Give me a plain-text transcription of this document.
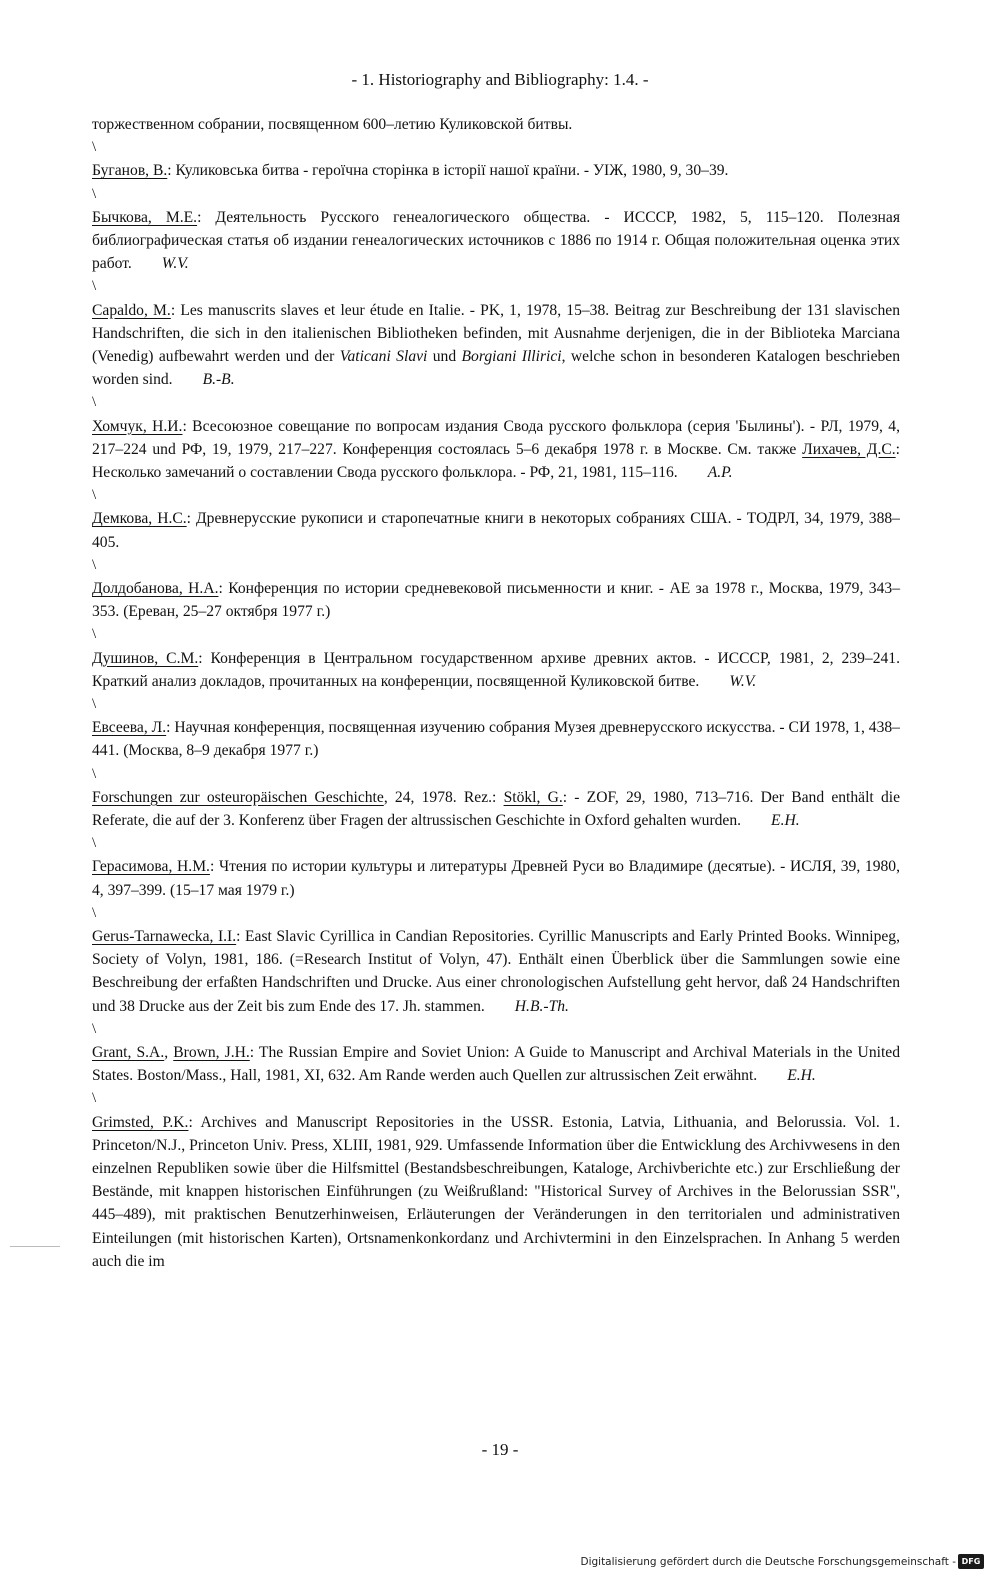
- 1. Historiography and Bibliography: 1.4. -
торжественном собрании, посвященном 600–летию Куликовской битвы.
\
Буганов, В.: Куликовська битва - героїчна сторінка в історії нашої країни. - УІЖ, 1980, 9, 30–39.
\
Бычкова, М.Е.: Деятельность Русского генеалогического общества. - ИССCP, 1982, 5, 115–120. Полезная библиографическая статья об издании генеалогических источников с 1886 по 1914 г. Общая положительная оценка этих работ. W.V.
\
Capaldo, M.: Les manuscrits slaves et leur étude en Italie. - PK, 1, 1978, 15–38. Beitrag zur Beschreibung der 131 slavischen Handschriften, die sich in den italienischen Bibliotheken befinden, mit Ausnahme derjenigen, die in der Biblioteka Marciana (Venedig) aufbewahrt werden und der Vaticani Slavi und Borgiani Illirici, welche schon in besonderen Katalogen beschrieben worden sind. B.-B.
\
Хомчук, Н.И.: Всесоюзное совещание по вопросам издания Свода русского фольклора (серия 'Былины'). - РЛ, 1979, 4, 217–224 und РФ, 19, 1979, 217–227. Конференция состоялась 5–6 декабря 1978 г. в Москве. См. также Лихачев, Д.С.: Несколько замечаний о составлении Свода русского фольклора. - РФ, 21, 1981, 115–116. A.P.
\
Демкова, Н.С.: Древнерусские рукописи и старопечатные книги в некоторых собраниях США. - ТОДРЛ, 34, 1979, 388–405.
\
Долдобанова, Н.А.: Конференция по истории средневековой письменности и книг. - АЕ за 1978 г., Москва, 1979, 343–353. (Ереван, 25–27 октября 1977 г.)
\
Душинов, С.М.: Конференция в Центральном государственном архиве древних актов. - ИССCP, 1981, 2, 239–241. Краткий анализ докладов, прочитанных на конференции, посвященной Куликовской битве. W.V.
\
Евсеева, Л.: Научная конференция, посвященная изучению собрания Музея древнерусского искусства. - СИ 1978, 1, 438–441. (Москва, 8–9 декабря 1977 г.)
\
Forschungen zur osteuropäischen Geschichte, 24, 1978. Rez.: Stökl, G.: - ZOF, 29, 1980, 713–716. Der Band enthält die Referate, die auf der 3. Konferenz über Fragen der altrussischen Geschichte in Oxford gehalten wurden. E.H.
\
Герасимова, Н.М.: Чтения по истории культуры и литературы Древней Руси во Владимире (десятые). - ИСЛЯ, 39, 1980, 4, 397–399. (15–17 мая 1979 г.)
\
Gerus-Tarnawecka, I.I.: East Slavic Cyrillica in Candian Repositories. Cyrillic Manuscripts and Early Printed Books. Winnipeg, Society of Volyn, 1981, 186. (=Research Institut of Volyn, 47). Enthält einen Überblick über die Sammlungen sowie eine Beschreibung der erfaßten Handschriften und Drucke. Aus einer chronologischen Aufstellung geht hervor, daß 24 Handschriften und 38 Drucke aus der Zeit bis zum Ende des 17. Jh. stammen. H.B.-Th.
\
Grant, S.A., Brown, J.H.: The Russian Empire and Soviet Union: A Guide to Manuscript and Archival Materials in the United States. Boston/Mass., Hall, 1981, XI, 632. Am Rande werden auch Quellen zur altrussischen Zeit erwähnt. E.H.
\
Grimsted, P.K.: Archives and Manuscript Repositories in the USSR. Estonia, Latvia, Lithuania, and Belorussia. Vol. 1. Princeton/N.J., Princeton Univ. Press, XLIII, 1981, 929. Umfassende Information über die Entwicklung des Archivwesens in den einzelnen Republiken sowie über die Hilfsmittel (Bestandsbeschreibungen, Kataloge, Archivberichte etc.) zur Erschließung der Bestände, mit knappen historischen Einführungen (zu Weißrußland: "Historical Survey of Archives in the Belorussian SSR", 445–489), mit praktischen Benutzerhinweisen, Erläuterungen der Veränderungen in den territorialen und administrativen Einteilungen (mit historischen Karten), Ortsnamenkonkordanz und Archivtermini in den Einzelsprachen. In Anhang 5 werden auch die im
- 19 -
Digitalisierung gefördert durch die Deutsche Forschungsgemeinschaft - DFG
